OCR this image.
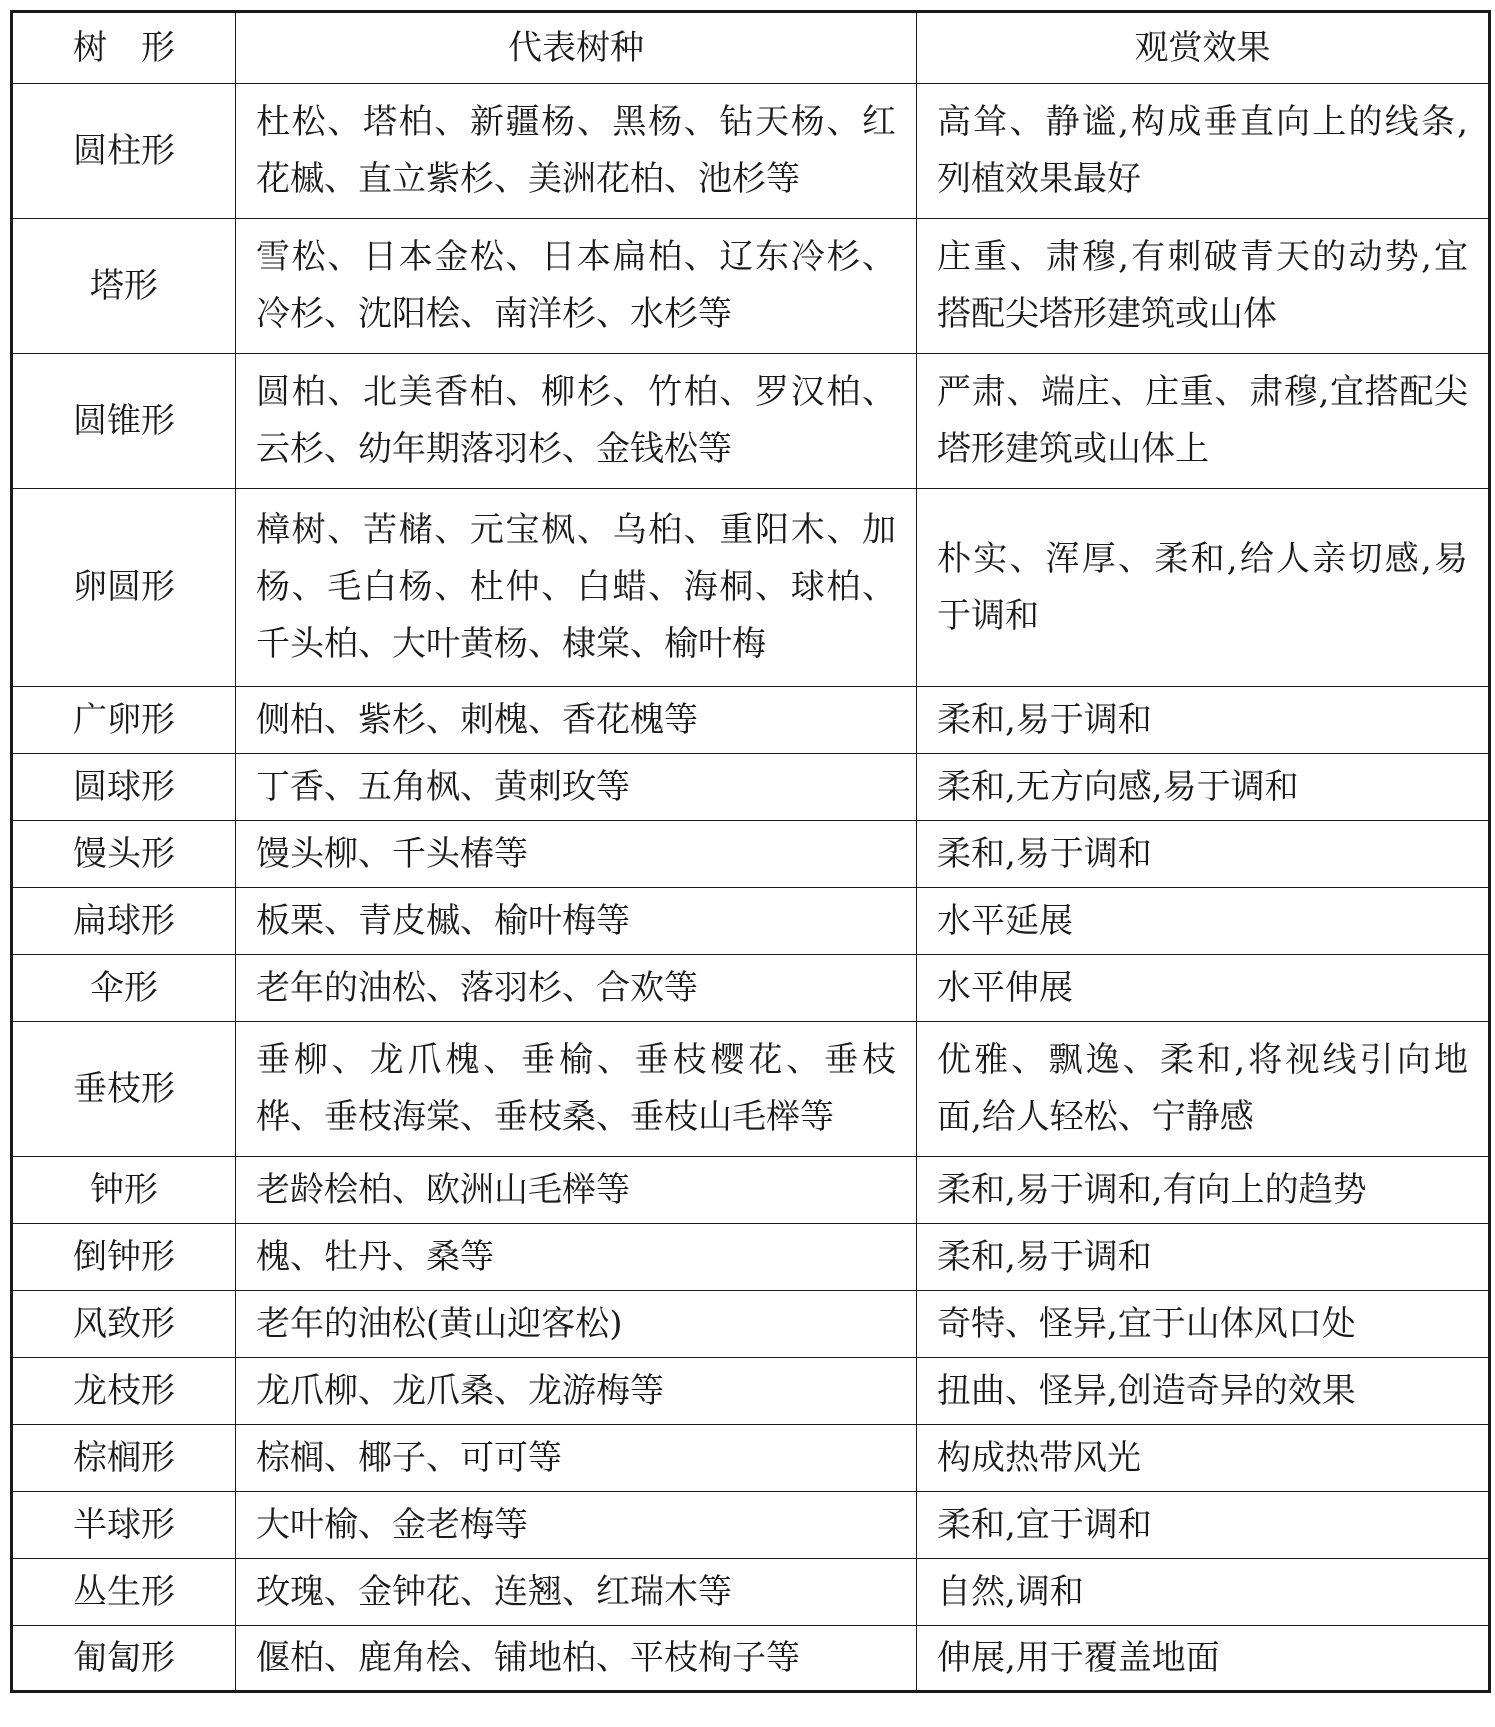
树　形	代表树种	观赏效果
圆柱形	杜松、塔柏、新疆杨、黑杨、钻天杨、红花槭、直立紫杉、美洲花柏、池杉等	高耸、静谧,构成垂直向上的线条,列植效果最好
塔形	雪松、日本金松、日本扁柏、辽东冷杉、冷杉、沈阳桧、南洋杉、水杉等	庄重、肃穆,有刺破青天的动势,宜搭配尖塔形建筑或山体
圆锥形	圆柏、北美香柏、柳杉、竹柏、罗汉柏、云杉、幼年期落羽杉、金钱松等	严肃、端庄、庄重、肃穆,宜搭配尖塔形建筑或山体上
卵圆形	樟树、苦槠、元宝枫、乌桕、重阳木、加杨、毛白杨、杜仲、白蜡、海桐、球柏、千头柏、大叶黄杨、棣棠、榆叶梅	朴实、浑厚、柔和,给人亲切感,易于调和
广卵形	侧柏、紫杉、刺槐、香花槐等	柔和,易于调和
圆球形	丁香、五角枫、黄刺玫等	柔和,无方向感,易于调和
馒头形	馒头柳、千头椿等	柔和,易于调和
扁球形	板栗、青皮槭、榆叶梅等	水平延展
伞形	老年的油松、落羽杉、合欢等	水平伸展
垂枝形	垂柳、龙爪槐、垂榆、垂枝樱花、垂枝桦、垂枝海棠、垂枝桑、垂枝山毛榉等	优雅、飘逸、柔和,将视线引向地面,给人轻松、宁静感
钟形	老龄桧柏、欧洲山毛榉等	柔和,易于调和,有向上的趋势
倒钟形	槐、牡丹、桑等	柔和,易于调和
风致形	老年的油松(黄山迎客松)	奇特、怪异,宜于山体风口处
龙枝形	龙爪柳、龙爪桑、龙游梅等	扭曲、怪异,创造奇异的效果
棕榈形	棕榈、椰子、可可等	构成热带风光
半球形	大叶榆、金老梅等	柔和,宜于调和
丛生形	玫瑰、金钟花、连翘、红瑞木等	自然,调和
匍匐形	偃柏、鹿角桧、铺地柏、平枝栒子等	伸展,用于覆盖地面
